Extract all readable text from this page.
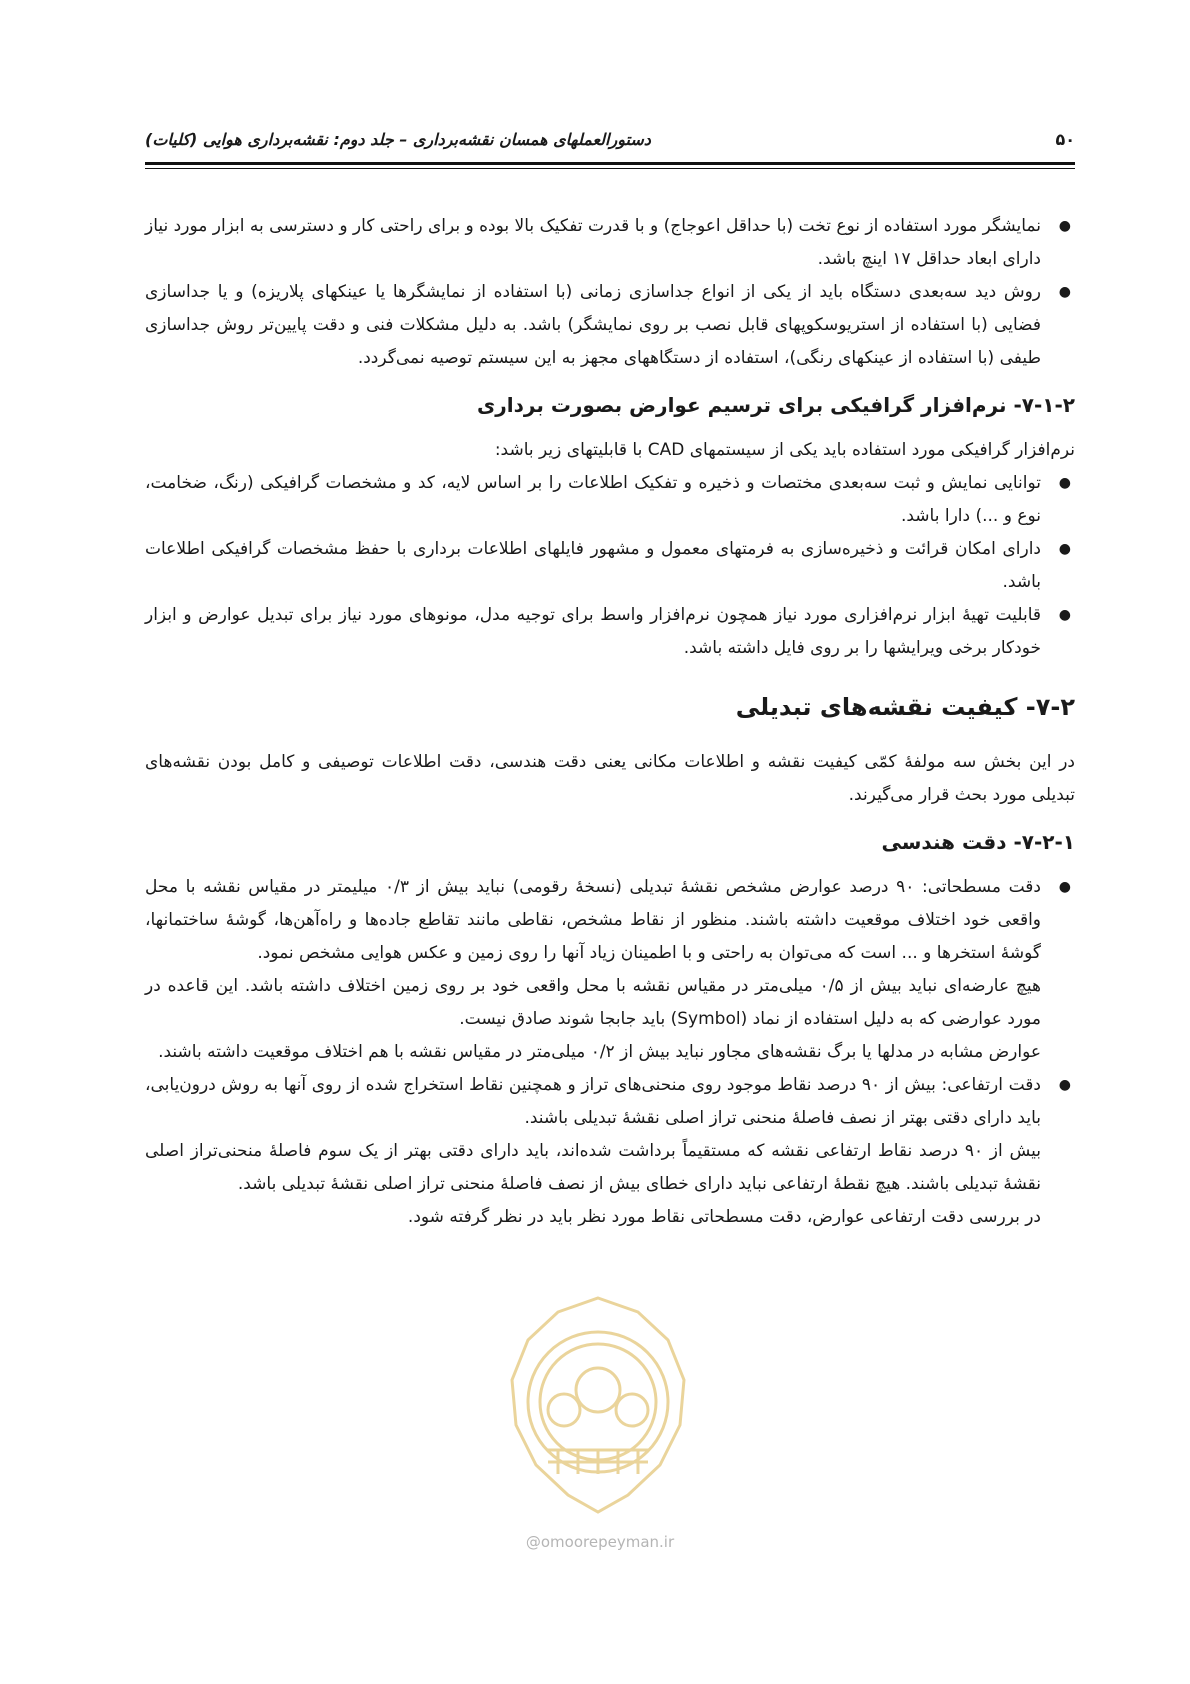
۵۰
دستورالعملهای همسان نقشه‌برداری – جلد دوم: نقشه‌برداری هوایی (کلیات)
●
نمایشگر مورد استفاده از نوع تخت (با حداقل اعوجاج) و با قدرت تفکیک بالا بوده و برای راحتی کار و دسترسی به ابزار مورد نیاز دارای ابعاد حداقل ۱۷ اینچ باشد.
●
روش دید سه‌بعدی دستگاه باید از یکی از انواع جداسازی زمانی (با استفاده از نمایشگرها یا عینکهای پلاریزه) و یا جداسازی فضایی (با استفاده از استریوسکوپهای قابل نصب بر روی نمایشگر) باشد. به دلیل مشکلات فنی و دقت پایین‌تر روش جداسازی طیفی (با استفاده از عینکهای رنگی)، استفاده از دستگاههای مجهز به این سیستم توصیه نمی‌گردد.
۷-۱-۲- نرم‌افزار گرافیکی برای ترسیم عوارض بصورت برداری

نرم‌افزار گرافیکی مورد استفاده باید یکی از سیستمهای CAD با قابلیتهای زیر باشد:

●
توانایی نمایش و ثبت سه‌بعدی مختصات و ذخیره و تفکیک اطلاعات را بر اساس لایه، کد و مشخصات گرافیکی (رنگ، ضخامت، نوع و ...) دارا باشد.
●
دارای امکان قرائت و ذخیره‌سازی به فرمتهای معمول و مشهور فایلهای اطلاعات برداری با حفظ مشخصات گرافیکی اطلاعات باشد.
●
قابلیت تهیهٔ ابزار نرم‌افزاری مورد نیاز همچون نرم‌افزار واسط برای توجیه مدل، مونوهای مورد نیاز برای تبدیل عوارض و ابزار خودکار برخی ویرایشها را بر روی فایل داشته باشد.
۷-۲- کیفیت نقشه‌های تبدیلی

در این بخش سه مولفهٔ کمّی کیفیت نقشه و اطلاعات مکانی یعنی دقت هندسی، دقت اطلاعات توصیفی و کامل بودن نقشه‌های تبدیلی مورد بحث قرار می‌گیرند.

۷-۲-۱- دقت هندسی
●
دقت مسطحاتی: ۹۰ درصد عوارض مشخص نقشهٔ تبدیلی (نسخهٔ رقومی) نباید بیش از ۰/۳ میلیمتر در مقیاس نقشه با محل واقعی خود اختلاف موقعیت داشته باشند. منظور از نقاط مشخص، نقاطی مانند تقاطع جاده‌ها و راه‌آهن‌ها، گوشهٔ ساختمانها، گوشهٔ استخرها و ... است که می‌توان به راحتی و با اطمینان زیاد آنها را روی زمین و عکس هوایی مشخص نمود.
هیچ عارضه‌ای نباید بیش از ۰/۵ میلی‌متر در مقیاس نقشه با محل واقعی خود بر روی زمین اختلاف داشته باشد. این قاعده در مورد عوارضی که به دلیل استفاده از نماد (Symbol) باید جابجا شوند صادق نیست.
عوارض مشابه در مدلها یا برگ نقشه‌های مجاور نباید بیش از ۰/۲ میلی‌متر در مقیاس نقشه با هم اختلاف موقعیت داشته باشند.
●
دقت ارتفاعی: بیش از ۹۰ درصد نقاط موجود روی منحنی‌های تراز و همچنین نقاط استخراج شده از روی آنها به روش درون‌یابی، باید دارای دقتی بهتر از نصف فاصلهٔ منحنی تراز اصلی نقشهٔ تبدیلی باشند.
بیش از ۹۰ درصد نقاط ارتفاعی نقشه که مستقیماً برداشت شده‌اند، باید دارای دقتی بهتر از یک سوم فاصلهٔ منحنی‌تراز اصلی نقشهٔ تبدیلی باشند. هیچ نقطهٔ ارتفاعی نباید دارای خطای بیش از نصف فاصلهٔ منحنی تراز اصلی نقشهٔ تبدیلی باشد.
در بررسی دقت ارتفاعی عوارض، دقت مسطحاتی نقاط مورد نظر باید در نظر گرفته شود.
@omoorepeyman.ir
